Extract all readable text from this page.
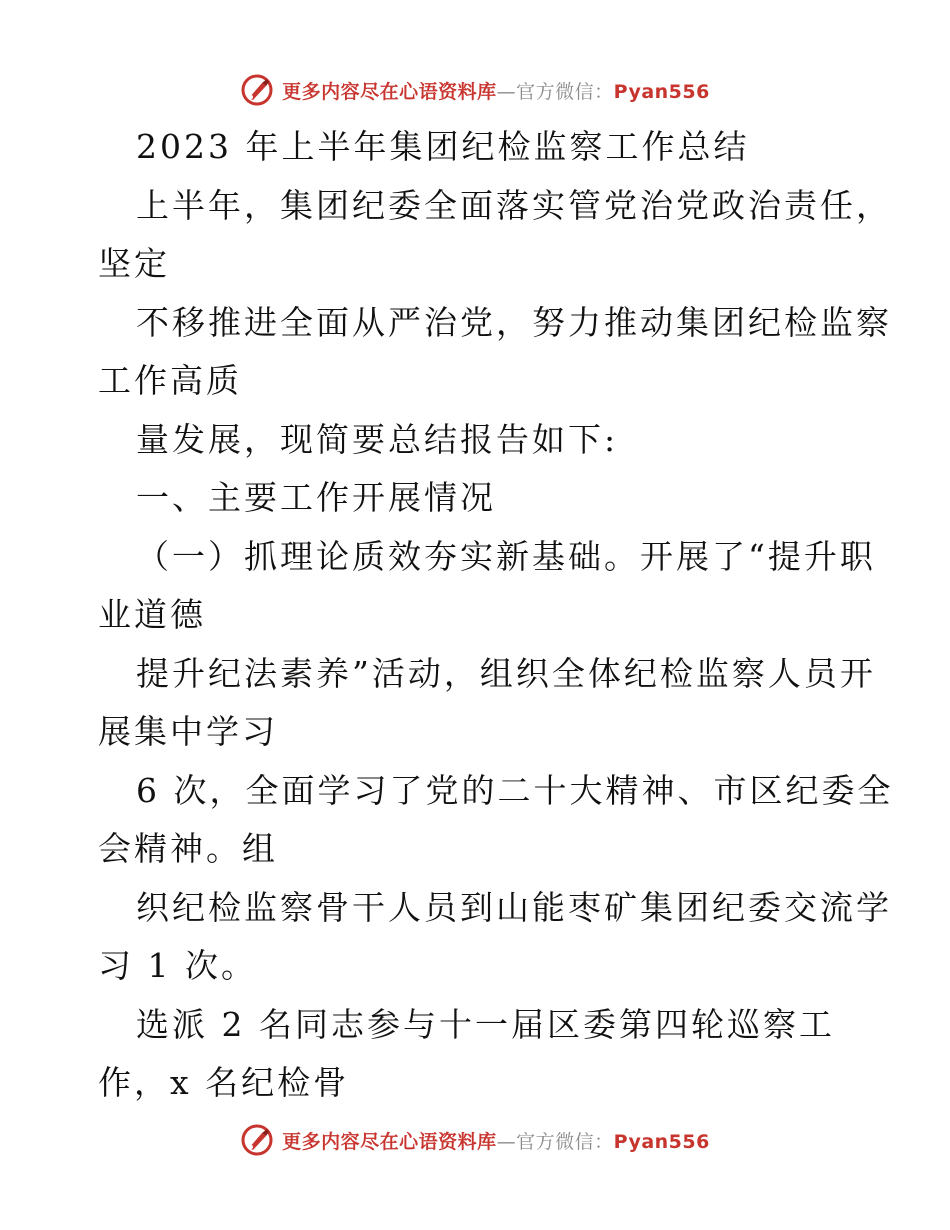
更多内容尽在心语资料库—官方微信：Pyan556
2023 年上半年集团纪检监察工作总结
上半年，集团纪委全面落实管党治党政治责任，
坚定
不移推进全面从严治党，努力推动集团纪检监察
工作高质
量发展，现简要总结报告如下:
一、主要工作开展情况
（一）抓理论质效夯实新基础。开展了“提升职
业道德
提升纪法素养”活动，组织全体纪检监察人员开
展集中学习
6 次，全面学习了党的二十大精神、市区纪委全
会精神。组
织纪检监察骨干人员到山能枣矿集团纪委交流学
习 1 次。
选派 2 名同志参与十一届区委第四轮巡察工
作，x 名纪检骨
更多内容尽在心语资料库—官方微信：Pyan556
